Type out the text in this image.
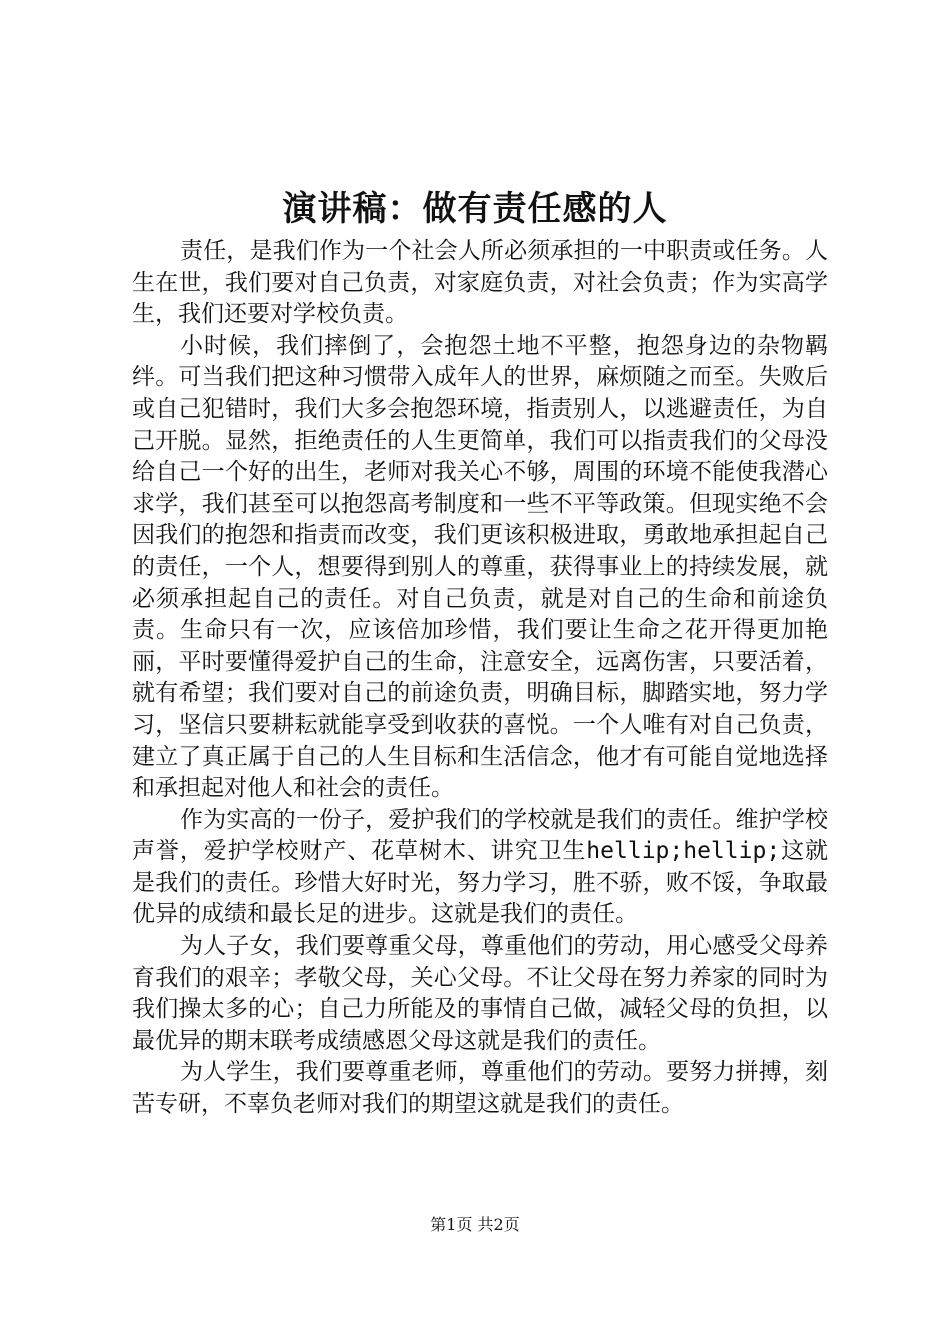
演讲稿：做有责任感的人

责任，是我们作为一个社会人所必须承担的一中职责或任务。人生在世，我们要对自己负责，对家庭负责，对社会负责；作为实高学生，我们还要对学校负责。

小时候，我们摔倒了，会抱怨土地不平整，抱怨身边的杂物羁绊。可当我们把这种习惯带入成年人的世界，麻烦随之而至。失败后或自己犯错时，我们大多会抱怨环境，指责别人，以逃避责任，为自己开脱。显然，拒绝责任的人生更简单，我们可以指责我们的父母没给自己一个好的出生，老师对我关心不够，周围的环境不能使我潜心求学，我们甚至可以抱怨高考制度和一些不平等政策。但现实绝不会因我们的抱怨和指责而改变，我们更该积极进取，勇敢地承担起自己的责任，一个人，想要得到别人的尊重，获得事业上的持续发展，就必须承担起自己的责任。对自己负责，就是对自己的生命和前途负责。生命只有一次，应该倍加珍惜，我们要让生命之花开得更加艳丽，平时要懂得爱护自己的生命，注意安全，远离伤害，只要活着，就有希望；我们要对自己的前途负责，明确目标，脚踏实地，努力学习，坚信只要耕耘就能享受到收获的喜悦。一个人唯有对自己负责，建立了真正属于自己的人生目标和生活信念，他才有可能自觉地选择和承担起对他人和社会的责任。

作为实高的一份子，爱护我们的学校就是我们的责任。维护学校声誉，爱护学校财产、花草树木、讲究卫生hellip;hellip;这就是我们的责任。珍惜大好时光，努力学习，胜不骄，败不馁，争取最优异的成绩和最长足的进步。这就是我们的责任。

为人子女，我们要尊重父母，尊重他们的劳动，用心感受父母养育我们的艰辛；孝敬父母，关心父母。不让父母在努力养家的同时为我们操太多的心；自己力所能及的事情自己做，减轻父母的负担，以最优异的期末联考成绩感恩父母这就是我们的责任。

为人学生，我们要尊重老师，尊重他们的劳动。要努力拼搏，刻苦专研，不辜负老师对我们的期望这就是我们的责任。

第1页 共2页
